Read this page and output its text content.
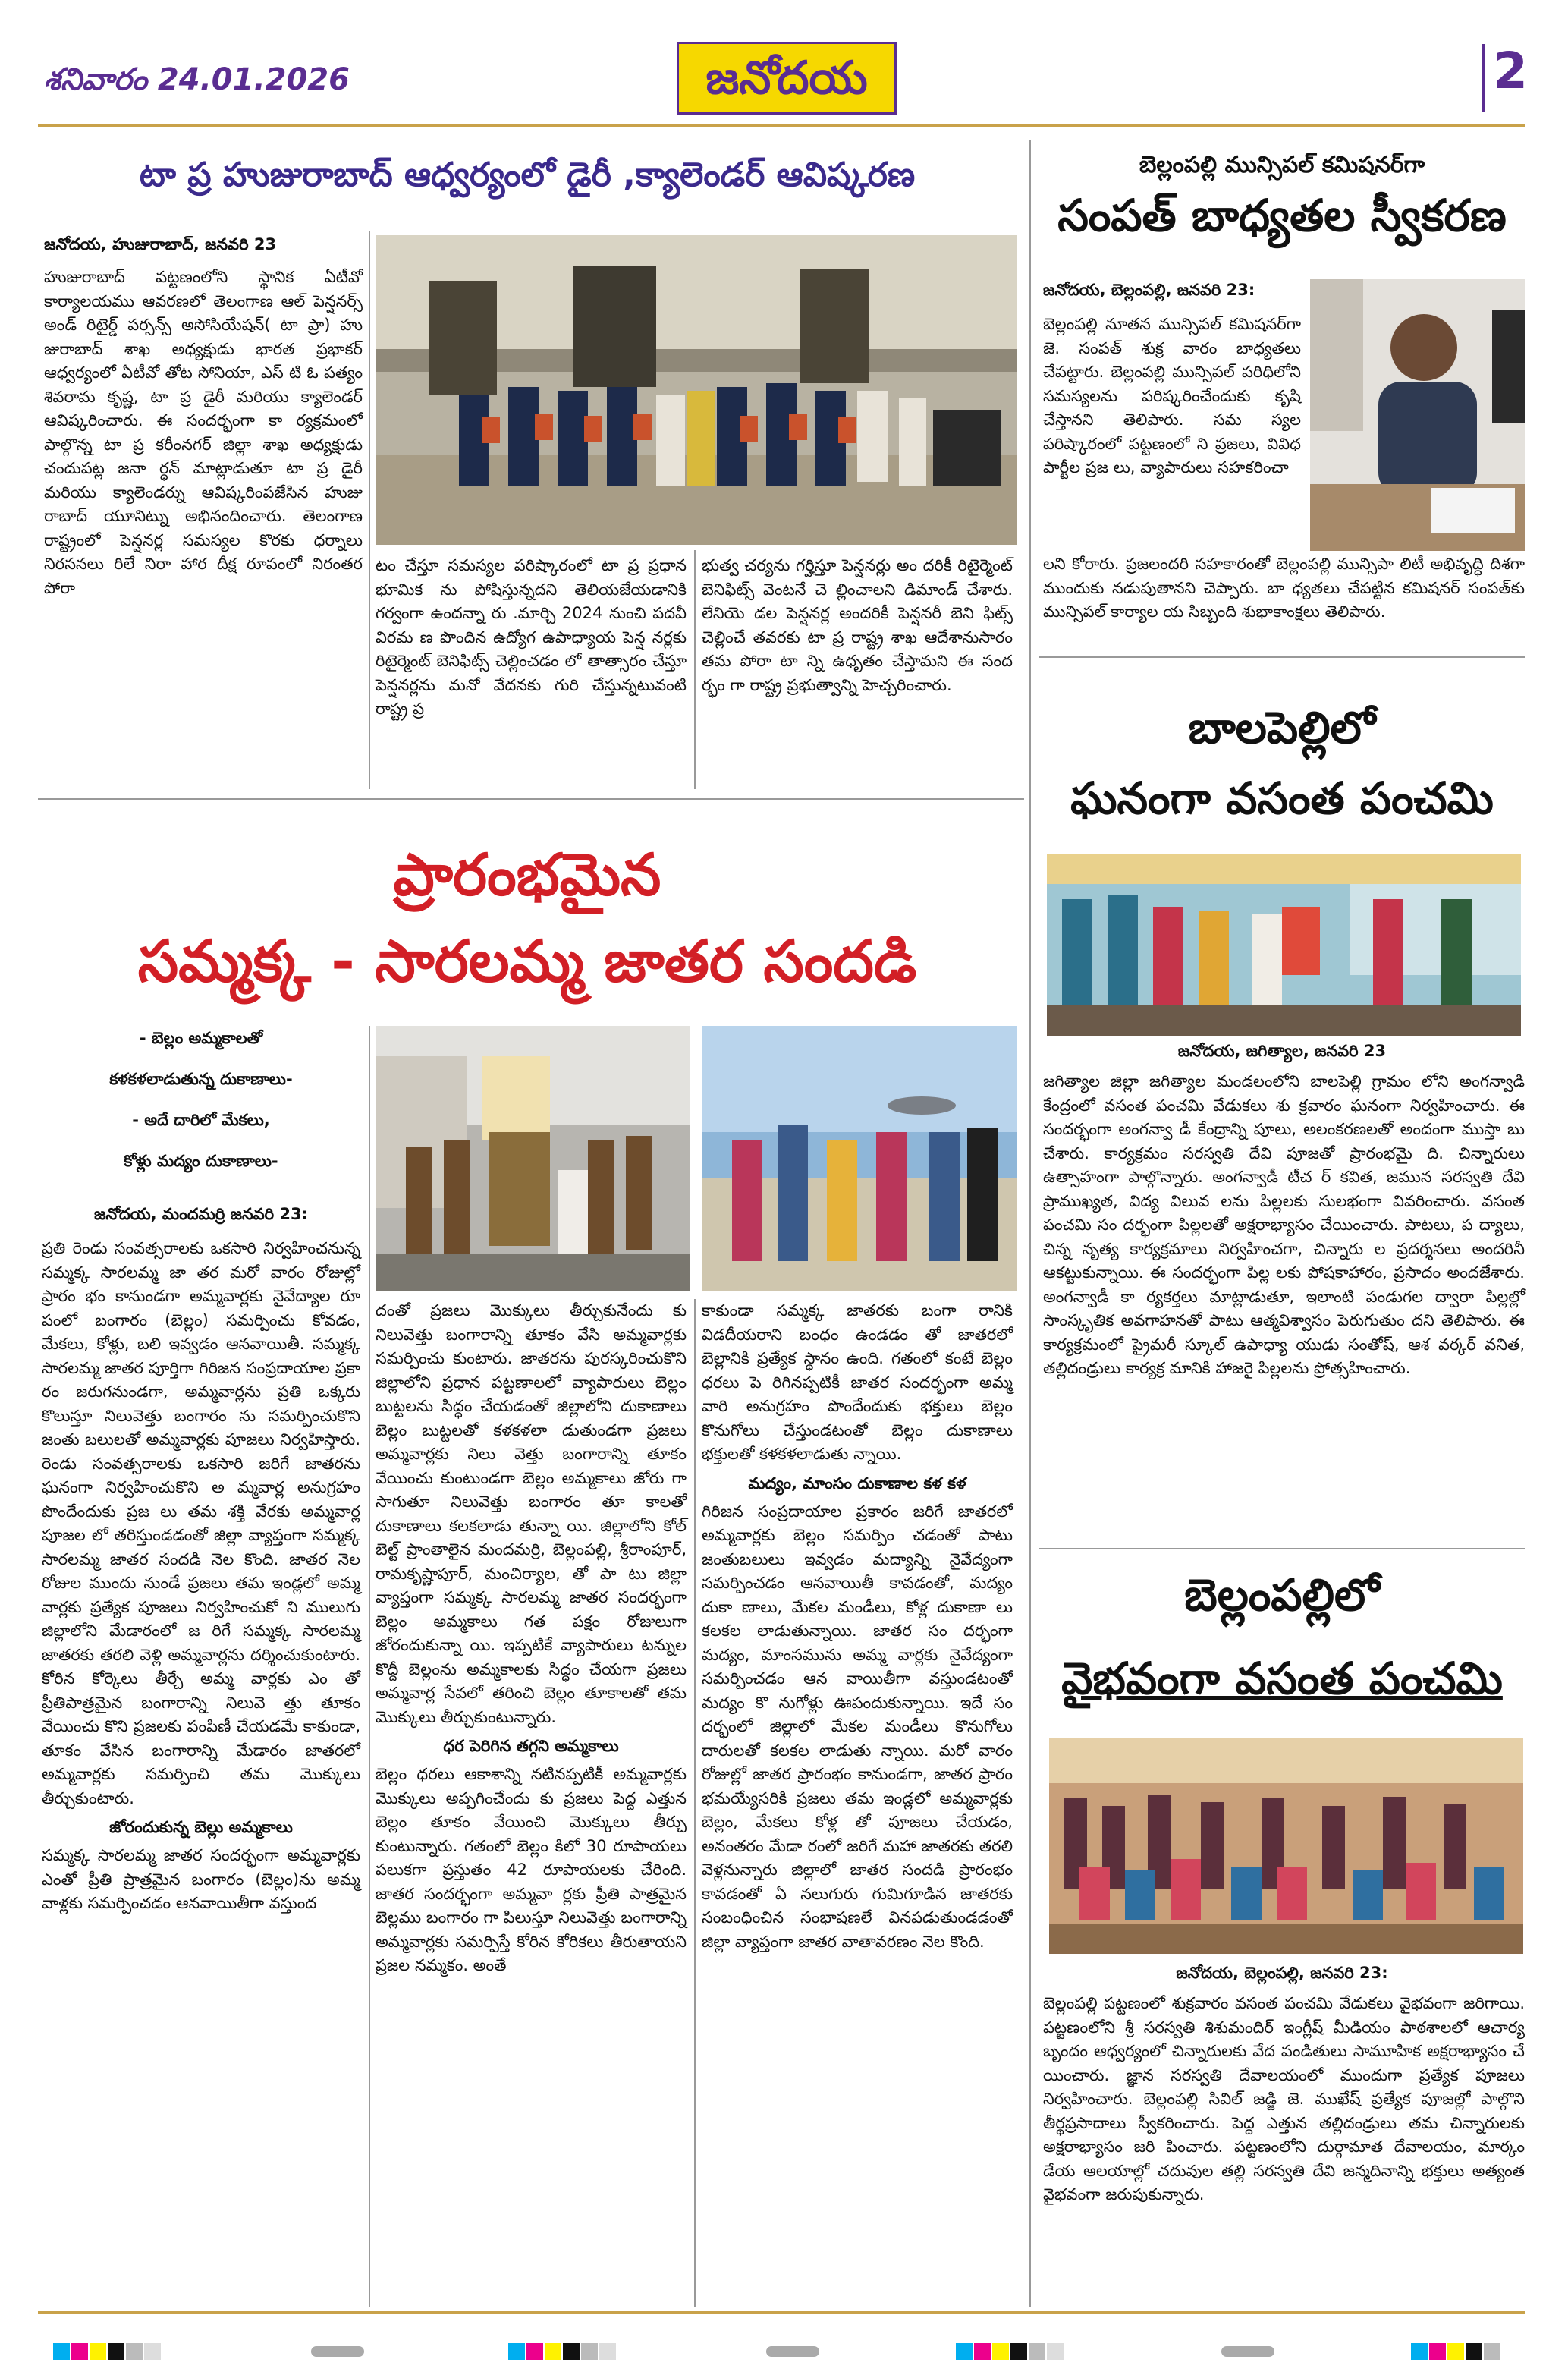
శనివారం 24.01.2026	జనోదయ	2
టా ప్ర హుజురాబాద్ ఆధ్వర్యంలో డైరీ ,క్యాలెండర్ ఆవిష్కరణ
జనోదయ, హుజురాబాద్, జనవరి 23

హుజురాబాద్ పట్టణంలోని స్థానిక ఏటీవో కార్యాలయము ఆవరణలో తెలంగాణ ఆల్ పెన్షనర్స్ అండ్ రిటైర్డ్ పర్సన్స్ అసోసియేషన్( టా ప్రా) హు జురాబాద్ శాఖ అధ్యక్షుడు భారత ప్రభాకర్ ఆధ్వర్యంలో ఏటీవో తోట సోనియా, ఎస్ టి ఓ పత్యం శివరామ కృష్ణ, టా ప్ర డైరీ మరియు క్యాలెండర్ ఆవిష్కరించారు. ఈ సందర్భంగా కా ర్యక్రమంలో పాల్గొన్న టా ప్ర కరీంనగర్ జిల్లా శాఖ అధ్యక్షుడు చందుపట్ల జనా ర్ధన్ మాట్లాడుతూ టా ప్ర డైరీ మరియు క్యాలెండర్ను ఆవిష్కరింపజేసిన హుజు రాబాద్ యూనిట్ను అభినందించారు. తెలంగాణ రాష్ట్రంలో పెన్షనర్ల సమస్యల కొరకు ధర్నాలు నిరసనలు రిలే నిరా హార దీక్ష రూపంలో నిరంతర పోరా

టం చేస్తూ సమస్యల పరిష్కారంలో టా ప్ర ప్రధాన భూమిక ను పోషిస్తున్నదని తెలియజేయడానికి గర్వంగా ఉందన్నా రు .మార్చి 2024 నుంచి పదవీ విరమ ణ పొందిన ఉద్యోగ ఉపాధ్యాయ పెన్ష నర్లకు రిటైర్మెంట్ బెనిఫిట్స్ చెల్లించడం లో తాత్సారం చేస్తూ పెన్షనర్లను మనో వేదనకు గురి చేస్తున్నటువంటి రాష్ట్ర ప్ర

భుత్వ చర్యను గర్హిస్తూ పెన్షనర్లు అం దరికీ రిటైర్మెంట్ బెనిఫిట్స్ వెంటనే చె ల్లించాలని డిమాండ్ చేశారు. లేనియె డల పెన్షనర్ల అందరికీ పెన్షనరీ బెని ఫిట్స్ చెల్లించే తవరకు టా ప్ర రాష్ట్ర శాఖ ఆదేశానుసారం తమ పోరా టా న్ని ఉధృతం చేస్తామని ఈ సంద ర్భం గా రాష్ట్ర ప్రభుత్వాన్ని హెచ్చరించారు.

బెల్లంపల్లి మున్సిపల్ కమిషనర్‌గా
సంపత్ బాధ్యతల స్వీకరణ
జనోదయ, బెల్లంపల్లి, జనవరి 23:

బెల్లంపల్లి నూతన మున్సిపల్ కమిషనర్‌గా జె. సంపత్ శుక్ర వారం బాధ్యతలు చేపట్టారు. బెల్లంపల్లి మున్సిపల్ పరిధిలోని సమస్యలను పరిష్కరించేందుకు కృషి చేస్తానని తెలిపారు. సమ స్యల పరిష్కారంలో పట్టణంలో ని ప్రజలు, వివిధ పార్టీల ప్రజ లు, వ్యాపారులు సహకరించా

లని కోరారు. ప్రజలందరి సహకారంతో బెల్లంపల్లి మున్సిపా లిటీ అభివృద్ధి దిశగా ముందుకు నడుపుతానని చెప్పారు. బా ధ్యతలు చేపట్టిన కమిషనర్ సంపత్‌కు మున్సిపల్ కార్యాల య సిబ్బంది శుభాకాంక్షలు తెలిపారు.

బాలపెల్లిలో
ఘనంగా వసంత పంచమి
జనోదయ, జగిత్యాల, జనవరి 23

జగిత్యాల జిల్లా జగిత్యాల మండలంలోని బాలపెల్లి గ్రామం లోని అంగన్వాడి కేంద్రంలో వసంత పంచమి వేడుకలు శు క్రవారం ఘనంగా నిర్వహించారు. ఈ సందర్భంగా అంగన్వా డీ కేంద్రాన్ని పూలు, అలంకరణలతో అందంగా ముస్తా బు చేశారు. కార్యక్రమం సరస్వతి దేవి పూజతో ప్రారంభమై ది. చిన్నారులు ఉత్సాహంగా పాల్గొన్నారు. అంగన్వాడీ టీచ ర్ కవిత, జమున సరస్వతి దేవి ప్రాముఖ్యత, విద్య విలువ లను పిల్లలకు సులభంగా వివరించారు. వసంత పంచమి సం దర్భంగా పిల్లలతో అక్షరాభ్యాసం చేయించారు. పాటలు, ప ద్యాలు, చిన్న నృత్య కార్యక్రమాలు నిర్వహించగా, చిన్నారు ల ప్రదర్శనలు అందరినీ ఆకట్టుకున్నాయి. ఈ సందర్భంగా పిల్ల లకు పోషకాహారం, ప్రసాదం అందజేశారు. అంగన్వాడీ కా ర్యకర్తలు మాట్లాడుతూ, ఇలాంటి పండుగల ద్వారా పిల్లల్లో సాంస్కృతిక అవగాహనతో పాటు ఆత్మవిశ్వాసం పెరుగుతుం దని తెలిపారు. ఈ కార్యక్రమంలో ప్రైమరీ స్కూల్ ఉపాధ్యా యుడు సంతోష్, ఆశ వర్కర్ వనిత, తల్లిదండ్రులు కార్యక్ర మానికి హాజరై పిల్లలను ప్రోత్సహించారు.

బెల్లంపల్లిలో
వైభవంగా వసంత పంచమి
జనోదయ, బెల్లంపల్లి, జనవరి 23:

బెల్లంపల్లి పట్టణంలో శుక్రవారం వసంత పంచమి వేడుకలు వైభవంగా జరిగాయి. పట్టణంలోని శ్రీ సరస్వతి శిశుమందిర్ ఇంగ్లీష్ మీడియం పాఠశాలలో ఆచార్య బృందం ఆధ్వర్యంలో చిన్నారులకు వేద పండితులు సామూహిక అక్షరాభ్యాసం చే యించారు. జ్ఞాన సరస్వతి దేవాలయంలో ముందుగా ప్రత్యేక పూజలు నిర్వహించారు. బెల్లంపల్లి సివిల్ జడ్జి జె. ముఖేష్ ప్రత్యేక పూజల్లో పాల్గొని తీర్థప్రసాదాలు స్వీకరించారు. పెద్ద ఎత్తున తల్లిదండ్రులు తమ చిన్నారులకు అక్షరాభ్యాసం జరి పించారు. పట్టణంలోని దుర్గామాత దేవాలయం, మార్కం డేయ ఆలయాల్లో చదువుల తల్లి సరస్వతి దేవి జన్మదినాన్ని భక్తులు అత్యంత వైభవంగా జరుపుకున్నారు.

ప్రారంభమైన
సమ్మక్క - సారలమ్మ జాతర సందడి

- బెల్లం అమ్మకాలతో

కళకళలాడుతున్న దుకాణాలు-

- అదే దారిలో మేకలు,

కోళ్లు మద్యం దుకాణాలు-

జనోదయ, మందమర్రి జనవరి 23:

ప్రతి రెండు సంవత్సరాలకు ఒకసారి నిర్వహించనున్న సమ్మక్క సారలమ్మ జా తర మరో వారం రోజుల్లో ప్రారం భం కానుండగా అమ్మవార్లకు నైవేద్యాల రూ పంలో బంగారం (బెల్లం) సమర్పించు కోవడం, మేకలు, కోళ్లు, బలి ఇవ్వడం ఆనవాయితీ. సమ్మక్క సారలమ్మ జాతర పూర్తిగా గిరిజన సంప్రదాయాల ప్రకా రం జరుగనుండగా, అమ్మవార్లను ప్రతి ఒక్కరు కొలుస్తూ నిలువెత్తు బంగారం ను సమర్పించుకొని జంతు బలులతో అమ్మవార్లకు పూజలు నిర్వహిస్తారు. రెండు సంవత్సరాలకు ఒకసారి జరిగే జాతరను ఘనంగా నిర్వహించుకొని అ మ్మవార్ల అనుగ్రహం పొందేందుకు ప్రజ లు తమ శక్తి వేరకు అమ్మవార్ల పూజల లో తరిస్తుండడంతో జిల్లా వ్యాప్తంగా సమ్మక్క సారలమ్మ జాతర సందడి నెల కొంది. జాతర నెల రోజుల ముందు నుండే ప్రజలు తమ ఇండ్లలో అమ్మ వార్లకు ప్రత్యేక పూజలు నిర్వహించుకో ని ములుగు జిల్లాలోని మేడారంలో జ రిగే సమ్మక్క సారలమ్మ జాతరకు తరలి వెళ్లి అమ్మవార్లను దర్శించుకుంటారు. కోరిన కోర్కెలు తీర్చే అమ్మ వార్లకు ఎం తో ప్రీతిపాత్రమైన బంగారాన్ని నిలువె త్తు తూకం వేయించు కొని ప్రజలకు పంపిణీ చేయడమే కాకుండా, తూకం వేసిన బంగారాన్ని మేడారం జాతరలో అమ్మవార్లకు సమర్పించి తమ మొక్కులు తీర్చుకుంటారు.

జోరందుకున్న బెల్లు అమ్మకాలు

సమ్మక్క సారలమ్మ జాతర సందర్భంగా అమ్మవార్లకు ఎంతో ప్రీతి ప్రాత్రమైన బంగారం (బెల్లం)ను అమ్మ వాళ్లకు సమర్పించడం ఆనవాయితీగా వస్తుంద

దంతో ప్రజలు మొక్కులు తీర్చుకునేందు కు నిలువెత్తు బంగారాన్ని తూకం వేసి అమ్మవార్లకు సమర్పించు కుంటారు. జాతరను పురస్కరించుకొని జిల్లాలోని ప్రధాన పట్టణాలలో వ్యాపారులు బెల్లం బుట్టలను సిద్ధం చేయడంతో జిల్లాలోని దుకాణాలు బెల్లం బుట్టలతో కళకళలా డుతుండగా ప్రజలు అమ్మవార్లకు నిలు వెత్తు బంగారాన్ని తూకం వేయించు కుంటుండగా బెల్లం అమ్మకాలు జోరు గా సాగుతూ నిలువెత్తు బంగారం తూ కాలతో దుకాణాలు కలకలాడు తున్నా యి. జిల్లాలోని కోల్ బెల్ట్ ప్రాంతాలైన మందమర్రి, బెల్లంపల్లి, శ్రీరాంపూర్, రామకృష్ణాపూర్, మంచిర్యాల, తో పా టు జిల్లా వ్యాప్తంగా సమ్మక్క సారలమ్మ జాతర సందర్భంగా బెల్లం అమ్మకాలు గత పక్షం రోజులుగా జోరందుకున్నా యి. ఇప్పటికే వ్యాపారులు టన్నుల కొద్దీ బెల్లంను అమ్మకాలకు సిద్ధం చేయగా ప్రజలు అమ్మవార్ల సేవలో తరించి బెల్లం తూకాలతో తమ మొక్కులు తీర్చుకుంటున్నారు.

ధర పెరిగిన తగ్గని అమ్మకాలు

బెల్లం ధరలు ఆకాశాన్ని నటినప్పటికీ అమ్మవార్లకు మొక్కులు అప్పగించేందు కు ప్రజలు పెద్ద ఎత్తున బెల్లం తూకం వేయించి మొక్కులు తీర్చు కుంటున్నారు. గతంలో బెల్లం కిలో 30 రూపాయలు పలుకగా ప్రస్తుతం 42 రూపాయలకు చేరింది. జాతర సందర్భంగా అమ్మవా ర్లకు ప్రీతి పాత్రమైన బెల్లము బంగారం గా పిలుస్తూ నిలువెత్తు బంగారాన్ని అమ్మవార్లకు సమర్పిస్తే కోరిన కోరికలు తీరుతాయని ప్రజల నమ్మకం. అంతే

కాకుండా సమ్మక్క జాతరకు బంగా రానికి విడదీయరాని బంధం ఉండడం తో జాతరలో బెల్లానికి ప్రత్యేక స్థానం ఉంది. గతంలో కంటే బెల్లం ధరలు పె రిగినప్పటికీ జాతర సందర్భంగా అమ్మ వారి అనుగ్రహం పొందేందుకు భక్తులు బెల్లం కొనుగోలు చేస్తుండటంతో బెల్లం దుకాణాలు భక్తులతో కళకళలాడుతు న్నాయి.

మద్యం, మాంసం దుకాణాల కళ కళ

గిరిజన సంప్రదాయాల ప్రకారం జరిగే జాతరలో అమ్మవార్లకు బెల్లం సమర్పిం చడంతో పాటు జంతుబలులు ఇవ్వడం మద్యాన్ని నైవేద్యంగా సమర్పించడం ఆనవాయితీ కావడంతో, మద్యం దుకా ణాలు, మేకల మండీలు, కోళ్ల దుకాణా లు కలకల లాడుతున్నాయి. జాతర సం దర్భంగా మద్యం, మాంసమును అమ్మ వార్లకు నైవేద్యంగా సమర్పించడం ఆన వాయితీగా వస్తుండటంతో మద్యం కొ నుగోళ్లు ఊపందుకున్నాయి. ఇదే సం దర్భంలో జిల్లాలో మేకల మండీలు కొనుగోలు దారులతో కలకల లాడుతు న్నాయి. మరో వారం రోజుల్లో జాతర ప్రారంభం కానుండగా, జాతర ప్రారం భమయ్యేసరికి ప్రజలు తమ ఇండ్లలో అమ్మవార్లకు బెల్లం, మేకలు కోళ్ల తో పూజలు చేయడం, అనంతరం మేడా రంలో జరిగే మహా జాతరకు తరలి వెళ్లనున్నారు జిల్లాలో జాతర సందడి ప్రారంభం కావడంతో ఏ నలుగురు గుమిగూడిన జాతరకు సంబంధించిన సంభాషణలే వినపడుతుండడంతో జిల్లా వ్యాప్తంగా జాతర వాతావరణం నెల కొంది.
